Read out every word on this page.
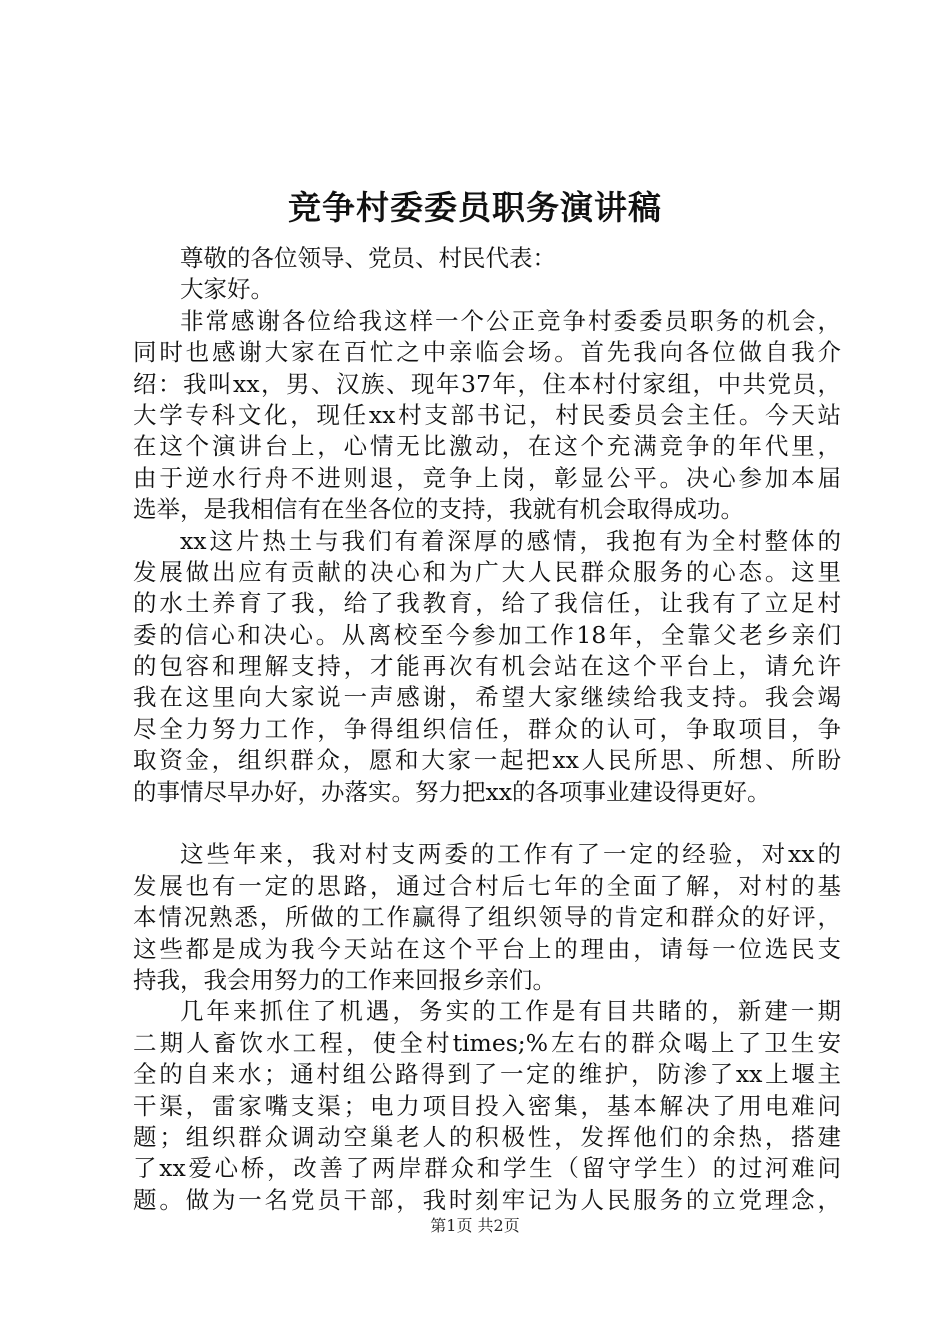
竞争村委委员职务演讲稿
尊敬的各位领导、党员、村民代表：
大家好。
非常感谢各位给我这样一个公正竞争村委委员职务的机会，
同时也感谢大家在百忙之中亲临会场。首先我向各位做自我介
绍：我叫xx，男、汉族、现年37年，住本村付家组，中共党员，
大学专科文化，现任xx村支部书记，村民委员会主任。今天站
在这个演讲台上，心情无比激动，在这个充满竞争的年代里，
由于逆水行舟不进则退，竞争上岗，彰显公平。决心参加本届
选举，是我相信有在坐各位的支持，我就有机会取得成功。
xx这片热土与我们有着深厚的感情，我抱有为全村整体的
发展做出应有贡献的决心和为广大人民群众服务的心态。这里
的水土养育了我，给了我教育，给了我信任，让我有了立足村
委的信心和决心。从离校至今参加工作18年，全靠父老乡亲们
的包容和理解支持，才能再次有机会站在这个平台上，请允许
我在这里向大家说一声感谢，希望大家继续给我支持。我会竭
尽全力努力工作，争得组织信任，群众的认可，争取项目，争
取资金，组织群众，愿和大家一起把xx人民所思、所想、所盼
的事情尽早办好，办落实。努力把xx的各项事业建设得更好。
这些年来，我对村支两委的工作有了一定的经验，对xx的
发展也有一定的思路，通过合村后七年的全面了解，对村的基
本情况熟悉，所做的工作赢得了组织领导的肯定和群众的好评，
这些都是成为我今天站在这个平台上的理由，请每一位选民支
持我，我会用努力的工作来回报乡亲们。
几年来抓住了机遇，务实的工作是有目共睹的，新建一期
二期人畜饮水工程，使全村times;%左右的群众喝上了卫生安
全的自来水；通村组公路得到了一定的维护，防渗了xx上堰主
干渠，雷家嘴支渠；电力项目投入密集，基本解决了用电难问
题；组织群众调动空巢老人的积极性，发挥他们的余热，搭建
了xx爱心桥，改善了两岸群众和学生（留守学生）的过河难问
题。做为一名党员干部，我时刻牢记为人民服务的立党理念，
第1页 共2页
